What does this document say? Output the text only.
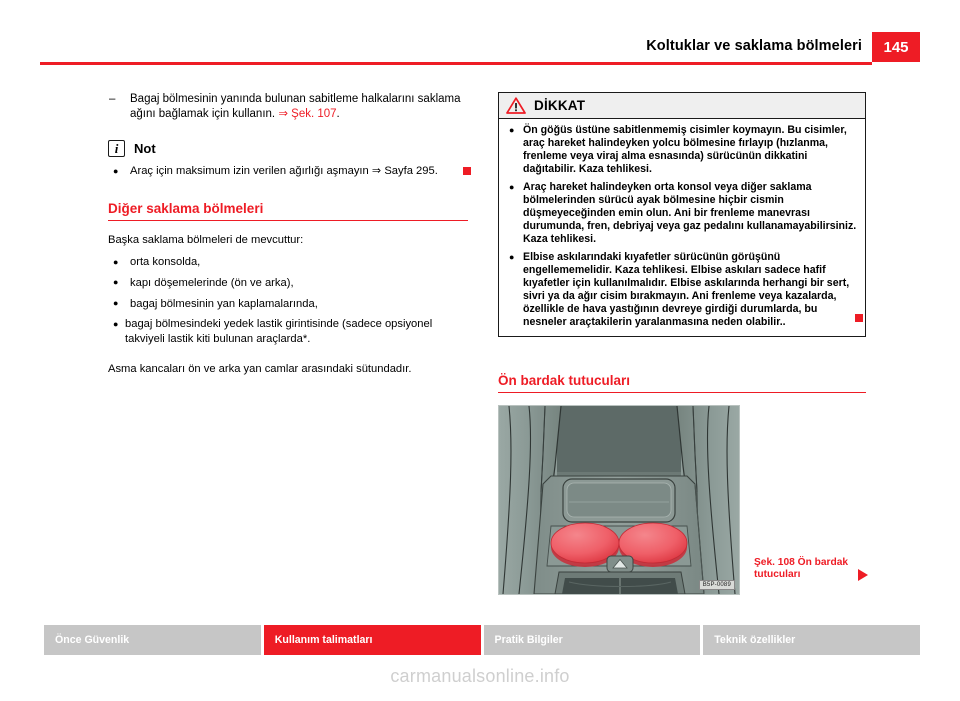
Koltuklar ve saklama bölmeleri	145
– Bagaj bölmesinin yanında bulunan sabitleme halkalarını saklama ağını bağlamak için kullanın. ⇒ Şek. 107.
i	Not
● Araç için maksimum izin verilen ağırlığı aşmayın ⇒ Sayfa 295.
Diğer saklama bölmeleri
Başka saklama bölmeleri de mevcuttur:
● orta konsolda,
● kapı döşemelerinde (ön ve arka),
● bagaj bölmesinin yan kaplamalarında,
● bagaj bölmesindeki yedek lastik girintisinde (sadece opsiyonel takviyeli lastik kiti bulunan araçlarda*.
Asma kancaları ön ve arka yan camlar arasındaki sütundadır.
DİKKAT
● Ön göğüs üstüne sabitlenmemiş cisimler koymayın. Bu cisimler, araç hareket halindeyken yolcu bölmesine fırlayıp (hızlanma, frenleme veya viraj alma esnasında) sürücünün dikkatini dağıtabilir. Kaza tehlikesi.
● Araç hareket halindeyken orta konsol veya diğer saklama bölmelerinden sürücü ayak bölmesine hiçbir cismin düşmeyeceğinden emin olun. Ani bir frenleme manevrası durumunda, fren, debriyaj veya gaz pedalını kullanamayabilirsiniz. Kaza tehlikesi.
● Elbise askılarındaki kıyafetler sürücünün görüşünü engellememelidir. Kaza tehlikesi. Elbise askıları sadece hafif kıyafetler için kullanılmalıdır. Elbise askılarında herhangi bir sert, sivri ya da ağır cisim bırakmayın. Ani frenleme veya kazalarda, özellikle de hava yastığının devreye girdiği durumlarda, bu nesneler araçtakilerin yaralanmasına neden olabilir..
Ön bardak tutucuları
B5P-0089
Şek. 108 Ön bardak tutucuları
Önce Güvenlik	Kullanım talimatları	Pratik Bilgiler	Teknik özellikler
carmanualsonline.info
